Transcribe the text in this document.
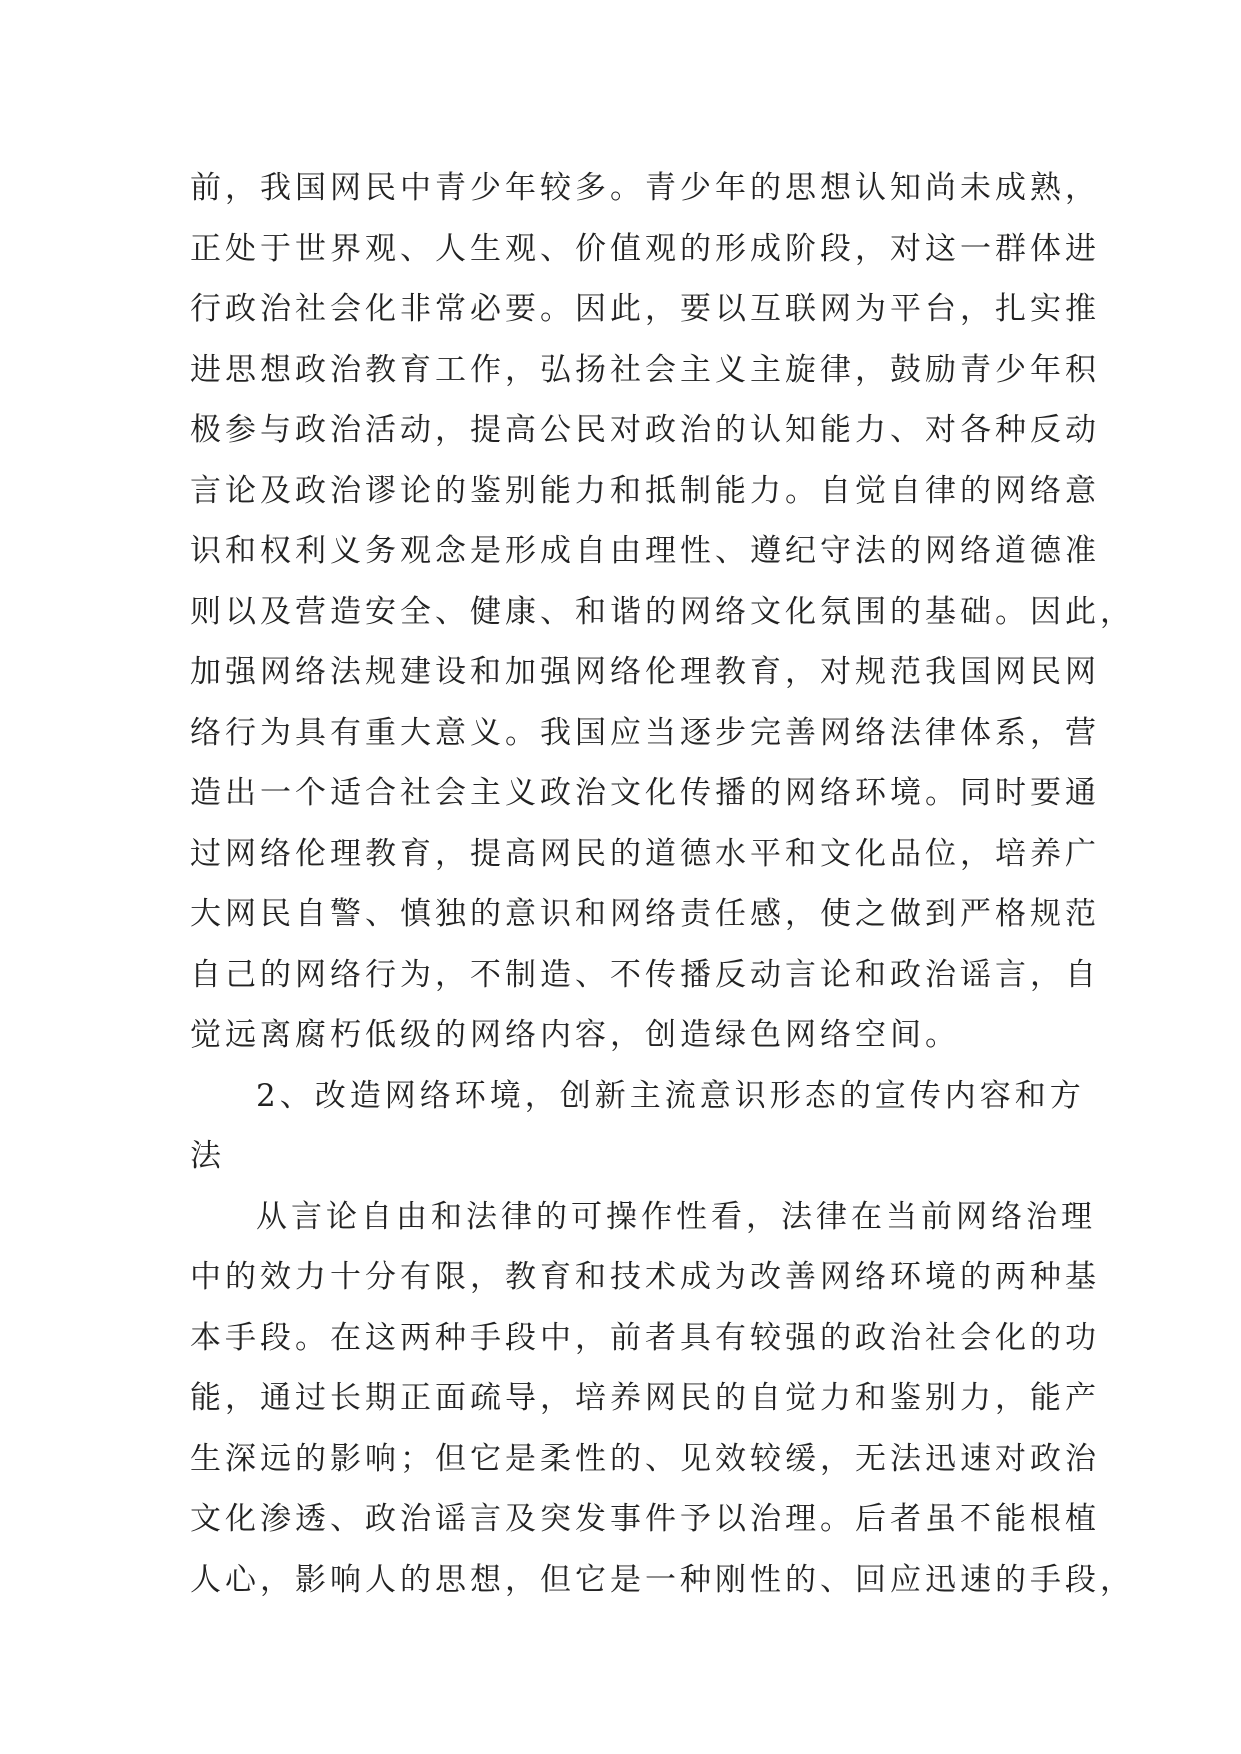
前，我国网民中青少年较多。青少年的思想认知尚未成熟，
正处于世界观、人生观、价值观的形成阶段，对这一群体进
行政治社会化非常必要。因此，要以互联网为平台，扎实推
进思想政治教育工作，弘扬社会主义主旋律，鼓励青少年积
极参与政治活动，提高公民对政治的认知能力、对各种反动
言论及政治谬论的鉴别能力和抵制能力。自觉自律的网络意
识和权利义务观念是形成自由理性、遵纪守法的网络道德准
则以及营造安全、健康、和谐的网络文化氛围的基础。因此，
加强网络法规建设和加强网络伦理教育，对规范我国网民网
络行为具有重大意义。我国应当逐步完善网络法律体系，营
造出一个适合社会主义政治文化传播的网络环境。同时要通
过网络伦理教育，提高网民的道德水平和文化品位，培养广
大网民自警、慎独的意识和网络责任感，使之做到严格规范
自己的网络行为，不制造、不传播反动言论和政治谣言，自
觉远离腐朽低级的网络内容，创造绿色网络空间。
2、改造网络环境，创新主流意识形态的宣传内容和方
法
从言论自由和法律的可操作性看，法律在当前网络治理
中的效力十分有限，教育和技术成为改善网络环境的两种基
本手段。在这两种手段中，前者具有较强的政治社会化的功
能，通过长期正面疏导，培养网民的自觉力和鉴别力，能产
生深远的影响；但它是柔性的、见效较缓，无法迅速对政治
文化渗透、政治谣言及突发事件予以治理。后者虽不能根植
人心，影响人的思想，但它是一种刚性的、回应迅速的手段，
